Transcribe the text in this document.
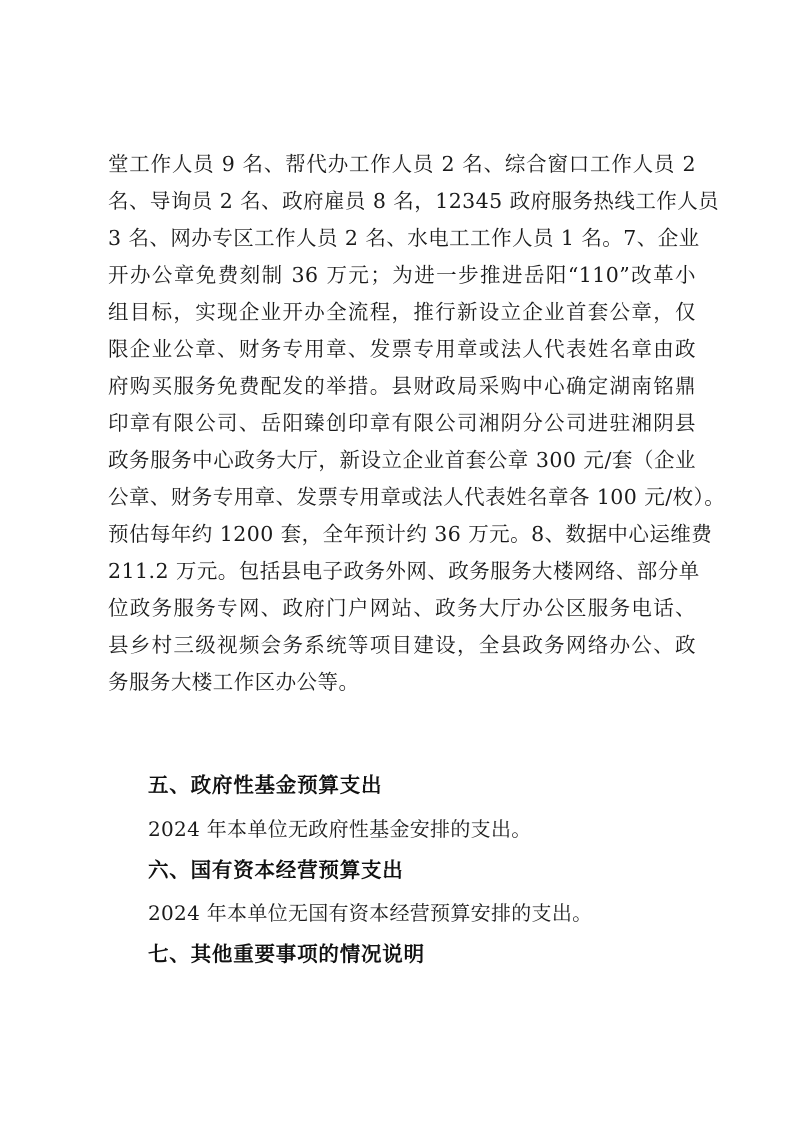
堂工作人员 9 名、帮代办工作人员 2 名、综合窗口工作人员 2
名、导询员 2 名、政府雇员 8 名，12345 政府服务热线工作人员
3 名、网办专区工作人员 2 名、水电工工作人员 1 名。7、企业
开办公章免费刻制 36 万元；为进一步推进岳阳“110”改革小
组目标，实现企业开办全流程，推行新设立企业首套公章，仅
限企业公章、财务专用章、发票专用章或法人代表姓名章由政
府购买服务免费配发的举措。县财政局采购中心确定湖南铭鼎
印章有限公司、岳阳臻创印章有限公司湘阴分公司进驻湘阴县
政务服务中心政务大厅，新设立企业首套公章 300 元/套（企业
公章、财务专用章、发票专用章或法人代表姓名章各 100 元/枚）。
预估每年约 1200 套，全年预计约 36 万元。8、数据中心运维费
211.2 万元。包括县电子政务外网、政务服务大楼网络、部分单
位政务服务专网、政府门户网站、政务大厅办公区服务电话、
县乡村三级视频会务系统等项目建设，全县政务网络办公、政
务服务大楼工作区办公等。
五、政府性基金预算支出
2024 年本单位无政府性基金安排的支出。
六、国有资本经营预算支出
2024 年本单位无国有资本经营预算安排的支出。
七、其他重要事项的情况说明
